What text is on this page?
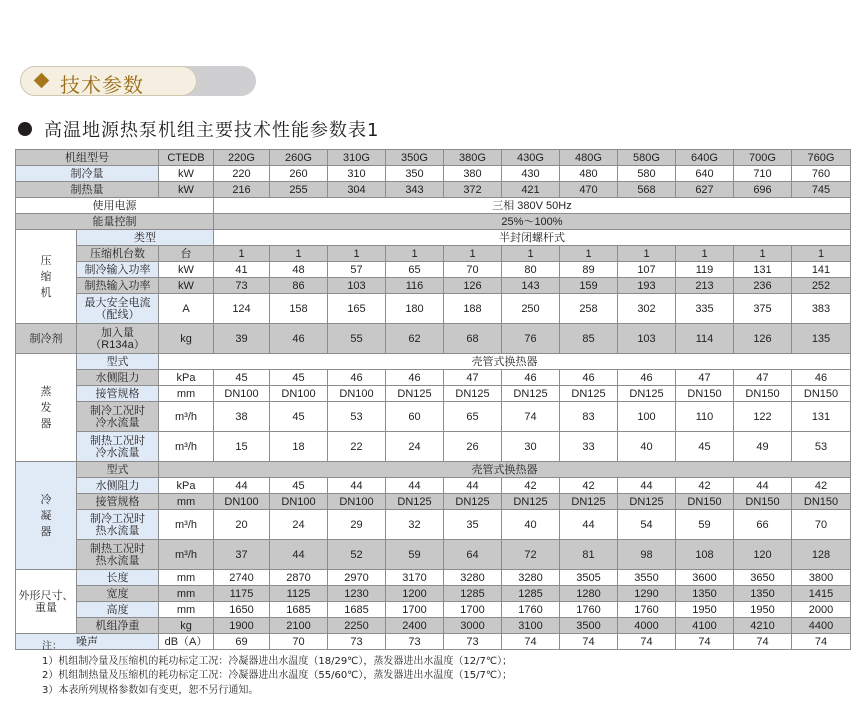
技术参数
高温地源热泵机组主要技术性能参数表1
机组型号		CTEDB	220G	260G	310G	350G	380G	430G	480G	580G	640G	700G	760G
制冷量		kW	220	260	310	350	380	430	480	580	640	710	760
制热量		kW	216	255	304	343	372	421	470	568	627	696	745
使用电源			三相 380V 50Hz										
能量控制			25%～100%										
压缩机	类型		半封闭螺杆式										
	压缩机台数	台	1	1	1	1	1	1	1	1	1	1	1
	制冷输入功率	kW	41	48	57	65	70	80	89	107	119	131	141
	制热输入功率	kW	73	86	103	116	126	143	159	193	213	236	252
	最大安全电流
（配线）	A	124	158	165	180	188	250	258	302	335	375	383
制冷剂	加入量
（R134a）	kg	39	46	55	62	68	76	85	103	114	126	135
蒸发器	型式	壳管式换热器											
	水侧阻力	kPa	45	45	46	46	47	46	46	46	47	47	46
	接管规格	mm	DN100	DN100	DN100	DN125	DN125	DN125	DN125	DN125	DN150	DN150	DN150
	制冷工况时
冷水流量	m³/h	38	45	53	60	65	74	83	100	110	122	131
	制热工况时
冷水流量	m³/h	15	18	22	24	26	30	33	40	45	49	53
冷凝器	型式	壳管式换热器											
	水侧阻力	kPa	44	45	44	44	44	42	42	44	42	44	42
	接管规格	mm	DN100	DN100	DN100	DN125	DN125	DN125	DN125	DN125	DN150	DN150	DN150
	制冷工况时
热水流量	m³/h	20	24	29	32	35	40	44	54	59	66	70
	制热工况时
热水流量	m³/h	37	44	52	59	64	72	81	98	108	120	128
外形尺寸、
重量	长度	mm	2740	2870	2970	3170	3280	3280	3505	3550	3600	3650	3800
	宽度	mm	1175	1125	1230	1200	1285	1285	1280	1290	1350	1350	1415
	高度	mm	1650	1685	1685	1700	1700	1760	1760	1760	1950	1950	2000
	机组净重	kg	1900	2100	2250	2400	3000	3100	3500	4000	4100	4210	4400
噪声		dB（A）	69	70	73	73	73	74	74	74	74	74	74
注：
1）机组制冷量及压缩机的耗功标定工况：冷凝器进出水温度（18/29℃），蒸发器进出水温度（12/7℃）；
2）机组制热量及压缩机的耗功标定工况：冷凝器进出水温度（55/60℃），蒸发器进出水温度（15/7℃）；
3）本表所列规格参数如有变更，恕不另行通知。
